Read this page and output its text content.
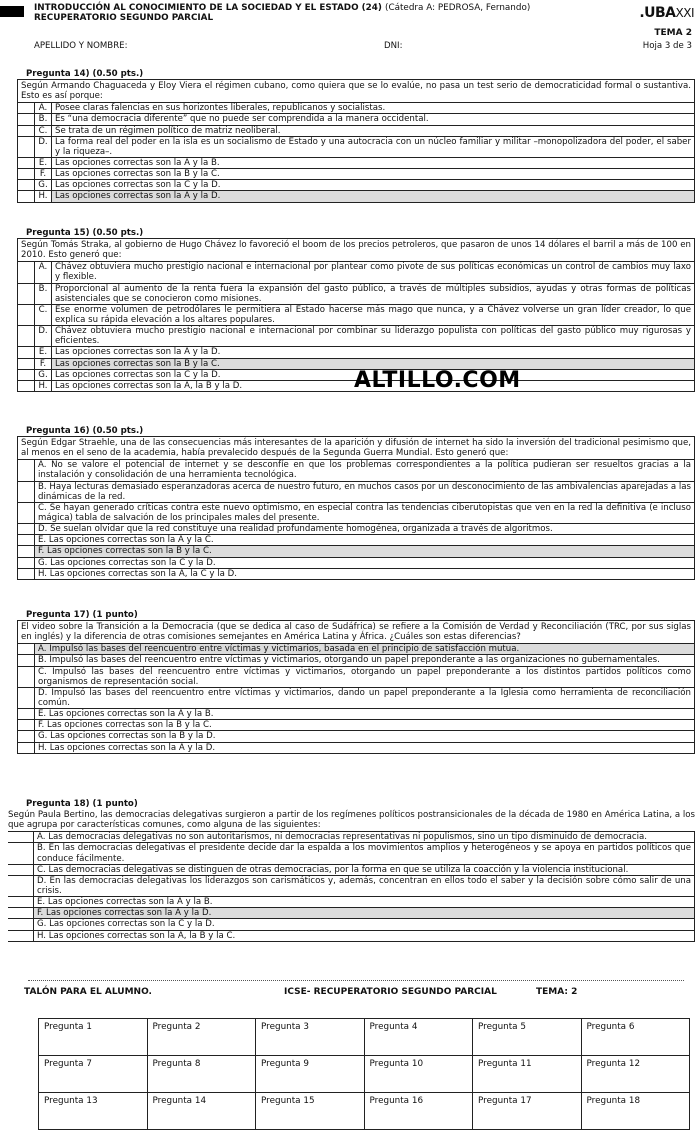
INTRODUCCIÓN AL CONOCIMIENTO DE LA SOCIEDAD Y EL ESTADO (24) (Cátedra A: PEDROSA, Fernando)
RECUPERATORIO SEGUNDO PARCIAL	.UBAXXI
TEMA 2
Hoja 3 de 3
APELLIDO Y NOMBRE:	DNI:
Pregunta 14) (0.50 pts.)
Según Armando Chaguaceda y Eloy Viera el régimen cubano, como quiera que se lo evalúe, no pasa un test serio de democraticidad formal o sustantiva. Esto es así porque:
	A.	Posee claras falencias en sus horizontes liberales, republicanos y socialistas.
	B.	Es “una democracia diferente” que no puede ser comprendida a la manera occidental.
	C.	Se trata de un régimen político de matriz neoliberal.
	D.	La forma real del poder en la isla es un socialismo de Estado y una autocracia con un núcleo familiar y militar –monopolizadora del poder, el saber y la riqueza–.
	E.	Las opciones correctas son la A y la B.
	F.	Las opciones correctas son la B y la C.
	G.	Las opciones correctas son la C y la D.
	H.	Las opciones correctas son la A y la D.
Pregunta 15) (0.50 pts.)
Según Tomás Straka, al gobierno de Hugo Chávez lo favoreció el boom de los precios petroleros, que pasaron de unos 14 dólares el barril a más de 100 en 2010. Esto generó que:
	A.	Chávez obtuviera mucho prestigio nacional e internacional por plantear como pivote de sus políticas económicas un control de cambios muy laxo y flexible.
	B.	Proporcional al aumento de la renta fuera la expansión del gasto público, a través de múltiples subsidios, ayudas y otras formas de políticas asistenciales que se conocieron como misiones.
	C.	Ese enorme volumen de petrodólares le permitiera al Estado hacerse más mago que nunca, y a Chávez volverse un gran líder creador, lo que explica su rápida elevación a los altares populares.
	D.	Chávez obtuviera mucho prestigio nacional e internacional por combinar su liderazgo populista con políticas del gasto público muy rigurosas y eficientes.
	E.	Las opciones correctas son la A y la D.
	F.	Las opciones correctas son la B y la C.
	G.	Las opciones correctas son la C y la D.
	H.	Las opciones correctas son la A, la B y la D.	ALTILLO.COM
Pregunta 16) (0.50 pts.)
Según Edgar Straehle, una de las consecuencias más interesantes de la aparición y difusión de internet ha sido la inversión del tradicional pesimismo que, al menos en el seno de la academia, había prevalecido después de la Segunda Guerra Mundial. Esto generó que:
	A. No se valore el potencial de internet y se desconfíe en que los problemas correspondientes a la política pudieran ser resueltos gracias a la instalación y consolidación de una herramienta tecnológica.
	B. Haya lecturas demasiado esperanzadoras acerca de nuestro futuro, en muchos casos por un desconocimiento de las ambivalencias aparejadas a las dinámicas de la red.
	C. Se hayan generado críticas contra este nuevo optimismo, en especial contra las tendencias ciberutopistas que ven en la red la definitiva (e incluso mágica) tabla de salvación de los principales males del presente.
	D. Se suelan olvidar que la red constituye una realidad profundamente homogénea, organizada a través de algoritmos.
	E. Las opciones correctas son la A y la C.
	F. Las opciones correctas son la B y la C.
	G. Las opciones correctas son la C y la D.
	H. Las opciones correctas son la A, la C y la D.
Pregunta 17) (1 punto)
El video sobre la Transición a la Democracia (que se dedica al caso de Sudáfrica) se refiere a la Comisión de Verdad y Reconciliación (TRC, por sus siglas en inglés) y la diferencia de otras comisiones semejantes en América Latina y África. ¿Cuáles son estas diferencias?
	A. Impulsó las bases del reencuentro entre víctimas y victimarios, basada en el principio de satisfacción mutua.
	B. Impulsó las bases del reencuentro entre víctimas y victimarios, otorgando un papel preponderante a las organizaciones no gubernamentales.
	C. Impulsó las bases del reencuentro entre víctimas y victimarios, otorgando un papel preponderante a los distintos partidos políticos como organismos de representación social.
	D. Impulsó las bases del reencuentro entre víctimas y victimarios, dando un papel preponderante a la Iglesia como herramienta de reconciliación común.
	E. Las opciones correctas son la A y la B.
	F. Las opciones correctas son la B y la C.
	G. Las opciones correctas son la B y la D.
	H. Las opciones correctas son la A y la D.
Pregunta 18) (1 punto)
Según Paula Bertino, las democracias delegativas surgieron a partir de los regímenes políticos postransicionales de la década de 1980 en América Latina, a los que agrupa por características comunes, como alguna de las siguientes:
	A. Las democracias delegativas no son autoritarismos, ni democracias representativas ni populismos, sino un tipo disminuido de democracia.
	B. En las democracias delegativas el presidente decide dar la espalda a los movimientos amplios y heterogéneos y se apoya en partidos políticos que conduce fácilmente.
	C. Las democracias delegativas se distinguen de otras democracias, por la forma en que se utiliza la coacción y la violencia institucional.
	D. En las democracias delegativas los liderazgos son carismáticos y, además, concentran en ellos todo el saber y la decisión sobre cómo salir de una crisis.
	E. Las opciones correctas son la A y la B.
	F. Las opciones correctas son la A y la D.
	G. Las opciones correctas son la C y la D.
	H. Las opciones correctas son la A, la B y la C.
TALÓN PARA EL ALUMNO.	ICSE- RECUPERATORIO SEGUNDO PARCIAL	TEMA: 2
Pregunta 1	Pregunta 2	Pregunta 3	Pregunta 4	Pregunta 5	Pregunta 6
Pregunta 7	Pregunta 8	Pregunta 9	Pregunta 10	Pregunta 11	Pregunta 12
Pregunta 13	Pregunta 14	Pregunta 15	Pregunta 16	Pregunta 17	Pregunta 18
